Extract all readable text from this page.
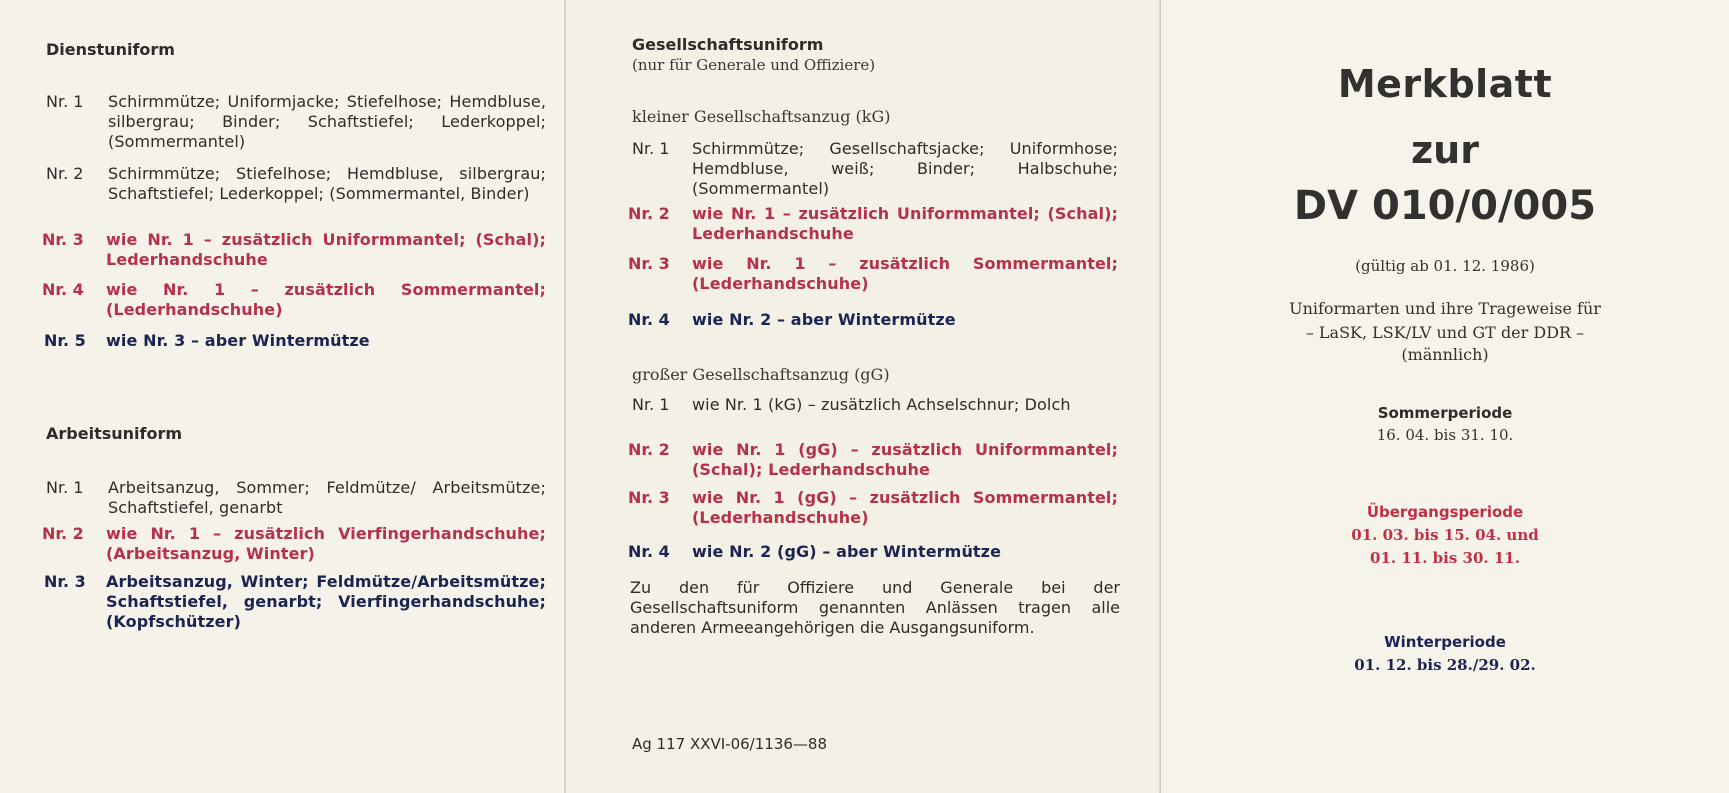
Dienstuniform
Nr. 1 Schirmmütze; Uniformjacke; Stiefelhose; Hemdbluse, silbergrau; Binder; Schaftstiefel; Lederkoppel; (Sommermantel)
Nr. 2 Schirmmütze; Stiefelhose; Hemdbluse, silbergrau; Schaftstiefel; Lederkoppel; (Sommermantel, Binder)
Nr. 3 wie Nr. 1 – zusätzlich Uniformmantel; (Schal); Lederhandschuhe
Nr. 4 wie Nr. 1 – zusätzlich Sommermantel; (Lederhandschuhe)
Nr. 5 wie Nr. 3 – aber Wintermütze
Arbeitsuniform
Nr. 1 Arbeitsanzug, Sommer; Feldmütze/ Arbeitsmütze; Schaftstiefel, genarbt
Nr. 2 wie Nr. 1 – zusätzlich Vierfingerhandschuhe; (Arbeitsanzug, Winter)
Nr. 3 Arbeitsanzug, Winter; Feldmütze/Arbeitsmütze; Schaftstiefel, genarbt; Vierfingerhandschuhe; (Kopfschützer)
Gesellschaftsuniform
(nur für Generale und Offiziere)
kleiner Gesellschaftsanzug (kG)
Nr. 1 Schirmmütze; Gesellschaftsjacke; Uniformhose; Hemdbluse, weiß; Binder; Halbschuhe; (Sommermantel)
Nr. 2 wie Nr. 1 – zusätzlich Uniformmantel; (Schal); Lederhandschuhe
Nr. 3 wie Nr. 1 – zusätzlich Sommermantel; (Lederhandschuhe)
Nr. 4 wie Nr. 2 – aber Wintermütze
großer Gesellschaftsanzug (gG)
Nr. 1 wie Nr. 1 (kG) – zusätzlich Achselschnur; Dolch
Nr. 2 wie Nr. 1 (gG) – zusätzlich Uniformmantel; (Schal); Lederhandschuhe
Nr. 3 wie Nr. 1 (gG) – zusätzlich Sommermantel; (Lederhandschuhe)
Nr. 4 wie Nr. 2 (gG) – aber Wintermütze
Zu den für Offiziere und Generale bei der Gesellschaftsuniform genannten Anlässen tragen alle anderen Armeeangehörigen die Ausgangsuniform.
Ag 117 XXVI-06/1136—88
Merkblatt
zur
DV 010/0/005
(gültig ab 01. 12. 1986)
Uniformarten und ihre Trageweise für
– LaSK, LSK/LV und GT der DDR –
(männlich)
Sommerperiode
16. 04. bis 31. 10.
Übergangsperiode
01. 03. bis 15. 04. und
01. 11. bis 30. 11.
Winterperiode
01. 12. bis 28./29. 02.
